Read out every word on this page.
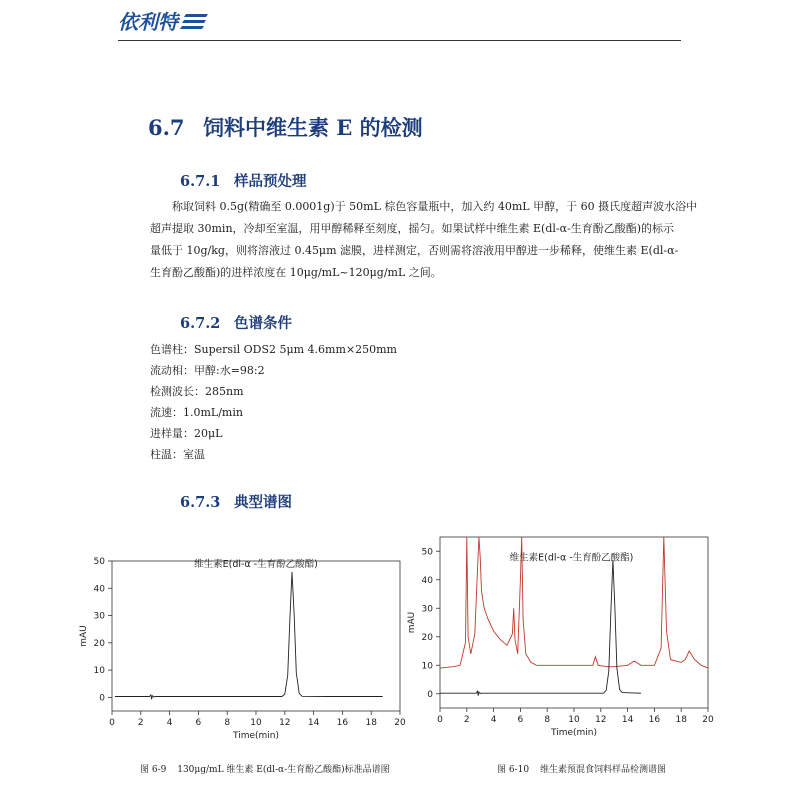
依利特
6.7 饲料中维生素 E 的检测
6.7.1 样品预处理
称取饲料 0.5g(精确至 0.0001g)于 50mL 棕色容量瓶中，加入约 40mL 甲醇，于 60 摄氏度超声波水浴中
超声提取 30min，冷却至室温，用甲醇稀释至刻度，摇匀。如果试样中维生素 E(dl-α-生育酚乙酸酯)的标示
量低于 10g/kg，则将溶液过 0.45μm 滤膜，进样测定，否则需将溶液用甲醇进一步稀释，使维生素 E(dl-α-
生育酚乙酸酯)的进样浓度在 10μg/mL~120μg/mL 之间。
6.7.2 色谱条件
色谱柱：Supersil ODS2 5μm 4.6mm×250mm
流动相：甲醇:水=98:2
检测波长：285nm
流速：1.0mL/min
进样量：20μL
柱温：室温
6.7.3 典型谱图
0	2	4	6	8 10 12 14 16 18 20
0
10
20
30
40
50
Time(min)
mAU
维生素E(dl-α -生育酚乙酸酯)
0 2 4 6 8 10 12 14 16 18 20
0
10
20
30
40
50
Time(min)
mAU
维生素E(dl-α -生育酚乙酸酯)
图 6-9 130μg/mL 维生素 E(dl-α-生育酚乙酸酯)标准品谱图	图 6-10 维生素预混食饲料样品检测谱图
